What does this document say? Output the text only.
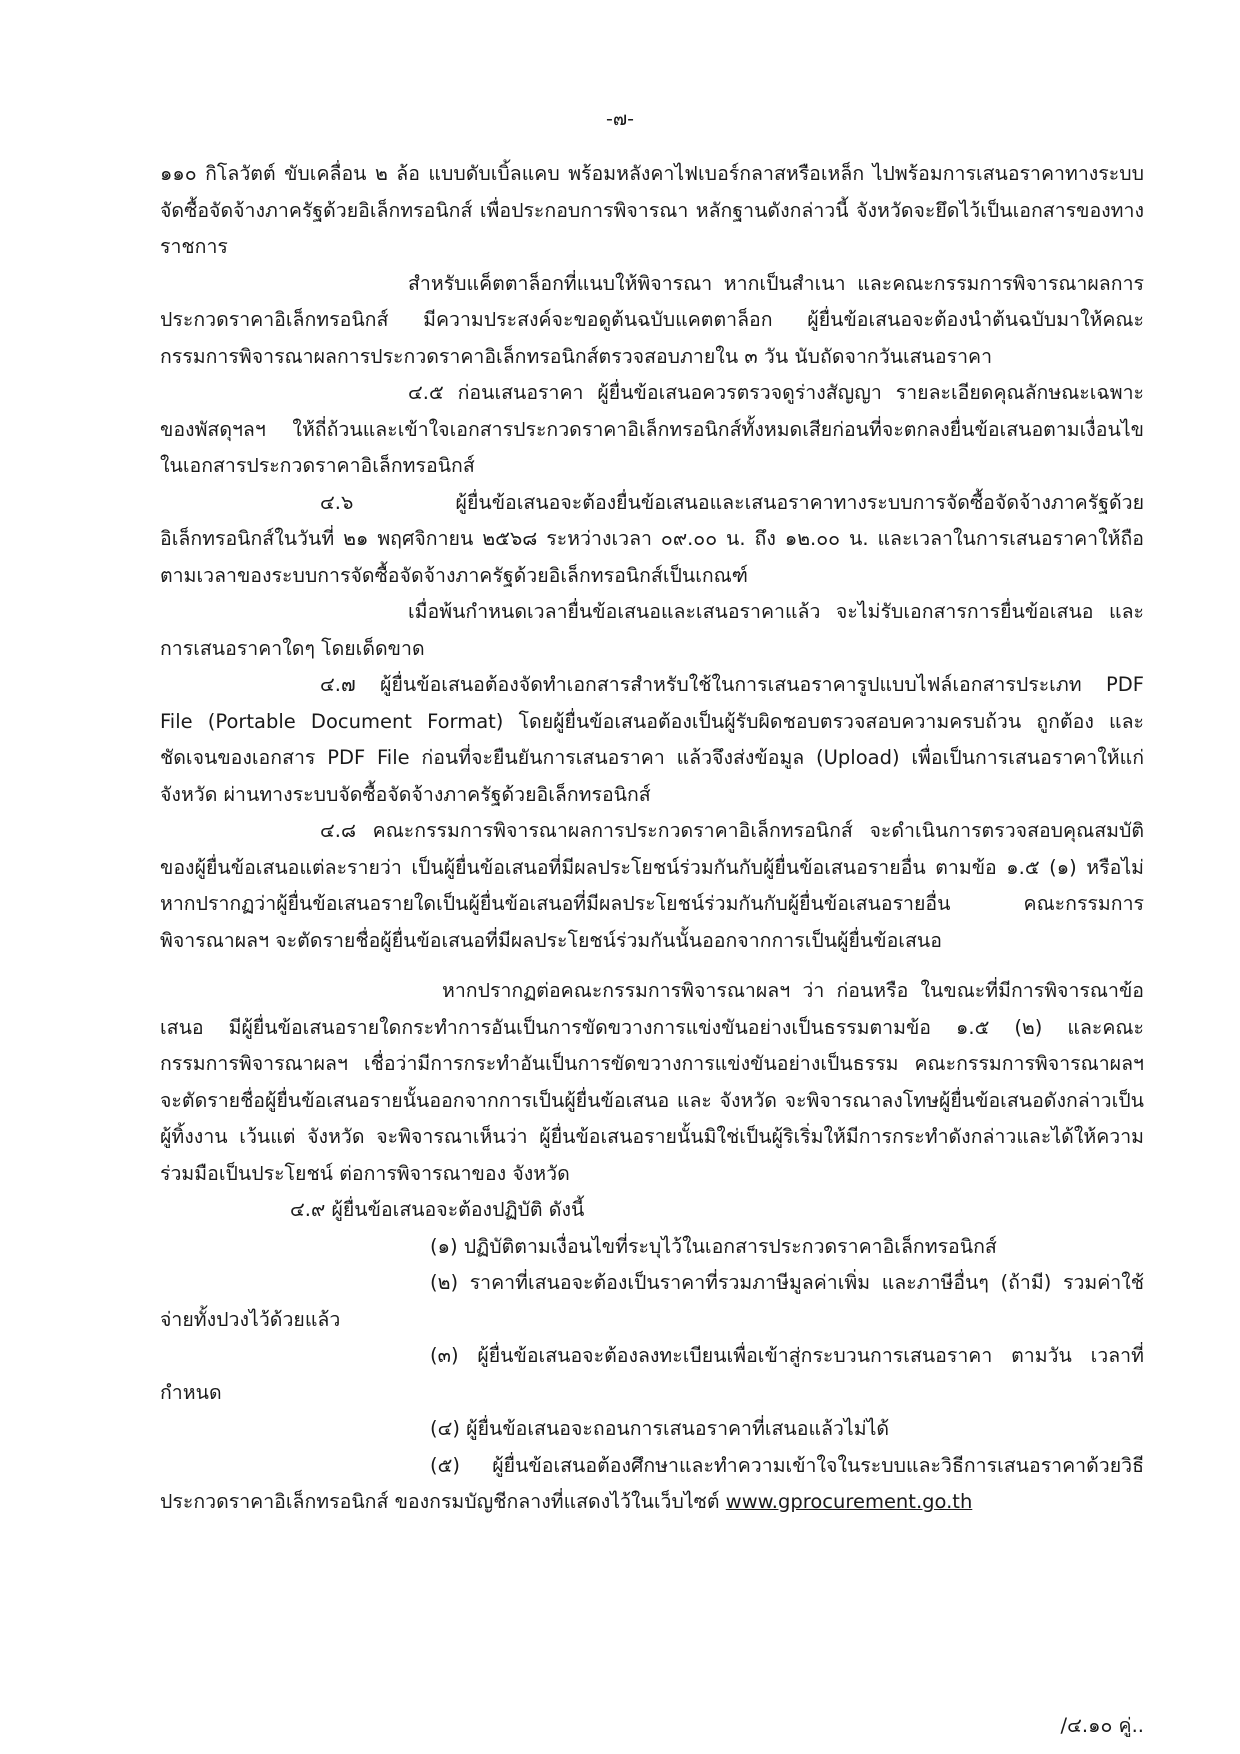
-๗-

๑๑๐ กิโลวัตต์ ขับเคลื่อน ๒ ล้อ แบบดับเบิ้ลแคบ พร้อมหลังคาไฟเบอร์กลาสหรือเหล็ก ไปพร้อมการเสนอราคาทางระบบจัดซื้อจัดจ้างภาครัฐด้วยอิเล็กทรอนิกส์ เพื่อประกอบการพิจารณา หลักฐานดังกล่าวนี้ จังหวัดจะยึดไว้เป็นเอกสารของทางราชการ

สำหรับแค็ตตาล็อกที่แนบให้พิจารณา หากเป็นสำเนา และคณะกรรมการพิจารณาผลการประกวดราคาอิเล็กทรอนิกส์ มีความประสงค์จะขอดูต้นฉบับแคตตาล็อก ผู้ยื่นข้อเสนอจะต้องนำต้นฉบับมาให้คณะกรรมการพิจารณาผลการประกวดราคาอิเล็กทรอนิกส์ตรวจสอบภายใน ๓ วัน นับถัดจากวันเสนอราคา

๔.๕ ก่อนเสนอราคา ผู้ยื่นข้อเสนอควรตรวจดูร่างสัญญา รายละเอียดคุณลักษณะเฉพาะของพัสดุฯลฯ ให้ถี่ถ้วนและเข้าใจเอกสารประกวดราคาอิเล็กทรอนิกส์ทั้งหมดเสียก่อนที่จะตกลงยื่นข้อเสนอตามเงื่อนไข ในเอกสารประกวดราคาอิเล็กทรอนิกส์

๔.๖ ผู้ยื่นข้อเสนอจะต้องยื่นข้อเสนอและเสนอราคาทางระบบการจัดซื้อจัดจ้างภาครัฐด้วยอิเล็กทรอนิกส์ในวันที่ ๒๑ พฤศจิกายน ๒๕๖๘ ระหว่างเวลา ๐๙.๐๐ น. ถึง ๑๒.๐๐ น. และเวลาในการเสนอราคาให้ถือตามเวลาของระบบการจัดซื้อจัดจ้างภาครัฐด้วยอิเล็กทรอนิกส์เป็นเกณฑ์

เมื่อพ้นกำหนดเวลายื่นข้อเสนอและเสนอราคาแล้ว จะไม่รับเอกสารการยื่นข้อเสนอ และการเสนอราคาใดๆ โดยเด็ดขาด

๔.๗ ผู้ยื่นข้อเสนอต้องจัดทำเอกสารสำหรับใช้ในการเสนอราคารูปแบบไฟล์เอกสารประเภท PDF File (Portable Document Format) โดยผู้ยื่นข้อเสนอต้องเป็นผู้รับผิดชอบตรวจสอบความครบถ้วน ถูกต้อง และชัดเจนของเอกสาร PDF File ก่อนที่จะยืนยันการเสนอราคา แล้วจึงส่งข้อมูล (Upload) เพื่อเป็นการเสนอราคาให้แก่ จังหวัด ผ่านทางระบบจัดซื้อจัดจ้างภาครัฐด้วยอิเล็กทรอนิกส์

๔.๘ คณะกรรมการพิจารณาผลการประกวดราคาอิเล็กทรอนิกส์ จะดำเนินการตรวจสอบคุณสมบัติของผู้ยื่นข้อเสนอแต่ละรายว่า เป็นผู้ยื่นข้อเสนอที่มีผลประโยชน์ร่วมกันกับผู้ยื่นข้อเสนอรายอื่น ตามข้อ ๑.๕ (๑) หรือไม่ หากปรากฏว่าผู้ยื่นข้อเสนอรายใดเป็นผู้ยื่นข้อเสนอที่มีผลประโยชน์ร่วมกันกับผู้ยื่นข้อเสนอรายอื่น คณะกรรมการพิจารณาผลฯ จะตัดรายชื่อผู้ยื่นข้อเสนอที่มีผลประโยชน์ร่วมกันนั้นออกจากการเป็นผู้ยื่นข้อเสนอ

หากปรากฏต่อคณะกรรมการพิจารณาผลฯ ว่า ก่อนหรือ ในขณะที่มีการพิจารณาข้อเสนอ มีผู้ยื่นข้อเสนอรายใดกระทำการอันเป็นการขัดขวางการแข่งขันอย่างเป็นธรรมตามข้อ ๑.๕ (๒) และคณะกรรมการพิจารณาผลฯ เชื่อว่ามีการกระทำอันเป็นการขัดขวางการแข่งขันอย่างเป็นธรรม คณะกรรมการพิจารณาผลฯ จะตัดรายชื่อผู้ยื่นข้อเสนอรายนั้นออกจากการเป็นผู้ยื่นข้อเสนอ และ จังหวัด จะพิจารณาลงโทษผู้ยื่นข้อเสนอดังกล่าวเป็นผู้ทิ้งงาน เว้นแต่ จังหวัด จะพิจารณาเห็นว่า ผู้ยื่นข้อเสนอรายนั้นมิใช่เป็นผู้ริเริ่มให้มีการกระทำดังกล่าวและได้ให้ความร่วมมือเป็นประโยชน์ ต่อการพิจารณาของ จังหวัด

๔.๙ ผู้ยื่นข้อเสนอจะต้องปฏิบัติ ดังนี้

(๑) ปฏิบัติตามเงื่อนไขที่ระบุไว้ในเอกสารประกวดราคาอิเล็กทรอนิกส์

(๒) ราคาที่เสนอจะต้องเป็นราคาที่รวมภาษีมูลค่าเพิ่ม และภาษีอื่นๆ (ถ้ามี) รวมค่าใช้จ่ายทั้งปวงไว้ด้วยแล้ว

(๓) ผู้ยื่นข้อเสนอจะต้องลงทะเบียนเพื่อเข้าสู่กระบวนการเสนอราคา ตามวัน เวลาที่กำหนด

(๔) ผู้ยื่นข้อเสนอจะถอนการเสนอราคาที่เสนอแล้วไม่ได้

(๕) ผู้ยื่นข้อเสนอต้องศึกษาและทำความเข้าใจในระบบและวิธีการเสนอราคาด้วยวิธีประกวดราคาอิเล็กทรอนิกส์ ของกรมบัญชีกลางที่แสดงไว้ในเว็บไซต์ www.gprocurement.go.th

/๔.๑๐ คู่..
